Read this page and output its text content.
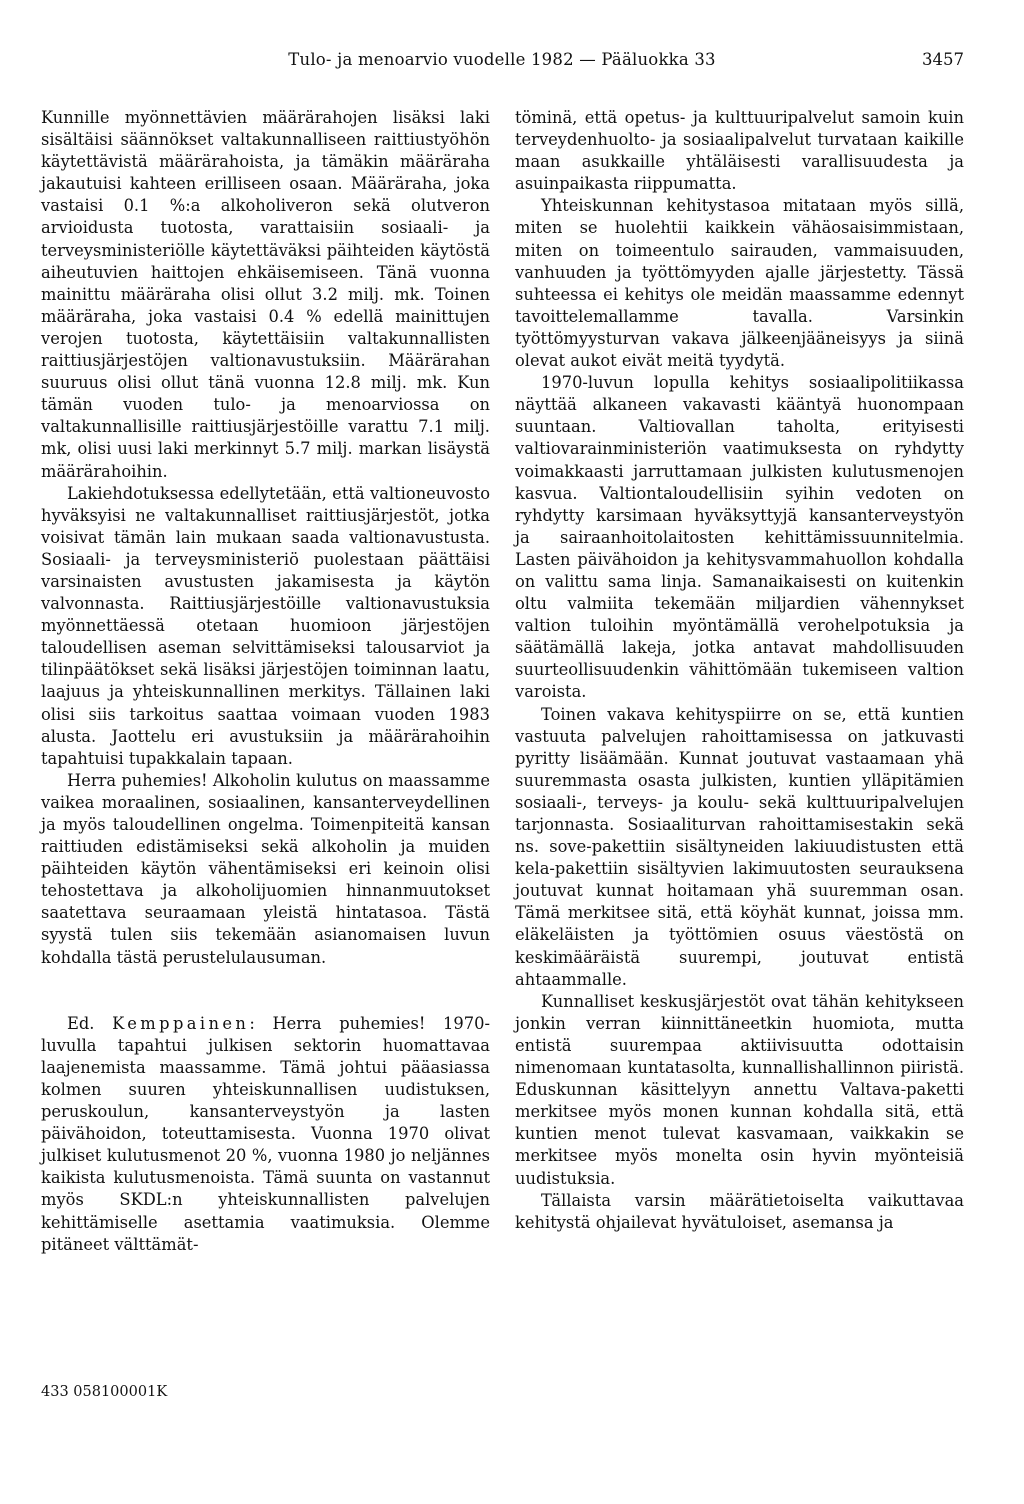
Tulo- ja menoarvio vuodelle 1982 — Pääluokka 33	3457

Kunnille myönnettävien määrärahojen lisäksi laki sisältäisi säännökset valtakunnalliseen raittiustyöhön käytettävistä määrärahoista, ja tämäkin määräraha jakautuisi kahteen erilliseen osaan. Määräraha, joka vastaisi 0.1 %:a alkoholiveron sekä olutveron arvioidusta tuotosta, varattaisiin sosiaali- ja terveysministeriölle käytettäväksi päihteiden käytöstä aiheutuvien haittojen ehkäisemiseen. Tänä vuonna mainittu määräraha olisi ollut 3.2 milj. mk. Toinen määräraha, joka vastaisi 0.4 % edellä mainittujen verojen tuotosta, käytettäisiin valtakunnallisten raittiusjärjestöjen valtionavustuksiin. Määrärahan suuruus olisi ollut tänä vuonna 12.8 milj. mk. Kun tämän vuoden tulo- ja menoarviossa on valtakunnallisille raittiusjärjestöille varattu 7.1 milj. mk, olisi uusi laki merkinnyt 5.7 milj. markan lisäystä määrärahoihin.

Lakiehdotuksessa edellytetään, että valtioneuvosto hyväksyisi ne valtakunnalliset raittiusjärjestöt, jotka voisivat tämän lain mukaan saada valtionavustusta. Sosiaali- ja terveysministeriö puolestaan päättäisi varsinaisten avustusten jakamisesta ja käytön valvonnasta. Raittiusjärjestöille valtionavustuksia myönnettäessä otetaan huomioon järjestöjen taloudellisen aseman selvittämiseksi talousarviot ja tilinpäätökset sekä lisäksi järjestöjen toiminnan laatu, laajuus ja yhteiskunnallinen merkitys. Tällainen laki olisi siis tarkoitus saattaa voimaan vuoden 1983 alusta. Jaottelu eri avustuksiin ja määrärahoihin tapahtuisi tupakkalain tapaan.

Herra puhemies! Alkoholin kulutus on maassamme vaikea moraalinen, sosiaalinen, kansanterveydellinen ja myös taloudellinen ongelma. Toimenpiteitä kansan raittiuden edistämiseksi sekä alkoholin ja muiden päihteiden käytön vähentämiseksi eri keinoin olisi tehostettava ja alkoholijuomien hinnanmuutokset saatettava seuraamaan yleistä hintatasoa. Tästä syystä tulen siis tekemään asianomaisen luvun kohdalla tästä perustelulausuman.

Ed. Kemppainen: Herra puhemies! 1970-luvulla tapahtui julkisen sektorin huomattavaa laajenemista maassamme. Tämä johtui pääasiassa kolmen suuren yhteiskunnallisen uudistuksen, peruskoulun, kansanterveystyön ja lasten päivähoidon, toteuttamisesta. Vuonna 1970 olivat julkiset kulutusmenot 20 %, vuonna 1980 jo neljännes kaikista kulutusmenoista. Tämä suunta on vastannut myös SKDL:n yhteiskunnallisten palvelujen kehittämiselle asettamia vaatimuksia. Olemme pitäneet välttämät-

töminä, että opetus- ja kulttuuripalvelut samoin kuin terveydenhuolto- ja sosiaalipalvelut turvataan kaikille maan asukkaille yhtäläisesti varallisuudesta ja asuinpaikasta riippumatta.

Yhteiskunnan kehitystasoa mitataan myös sillä, miten se huolehtii kaikkein vähäosaisimmistaan, miten on toimeentulo sairauden, vammaisuuden, vanhuuden ja työttömyyden ajalle järjestetty. Tässä suhteessa ei kehitys ole meidän maassamme edennyt tavoittelemallamme tavalla. Varsinkin työttömyysturvan vakava jälkeenjääneisyys ja siinä olevat aukot eivät meitä tyydytä.

1970-luvun lopulla kehitys sosiaalipolitiikassa näyttää alkaneen vakavasti kääntyä huonompaan suuntaan. Valtiovallan taholta, erityisesti valtiovarainministeriön vaatimuksesta on ryhdytty voimakkaasti jarruttamaan julkisten kulutusmenojen kasvua. Valtiontaloudellisiin syihin vedoten on ryhdytty karsimaan hyväksyttyjä kansanterveystyön ja sairaanhoitolaitosten kehittämissuunnitelmia. Lasten päivähoidon ja kehitysvammahuollon kohdalla on valittu sama linja. Samanaikaisesti on kuitenkin oltu valmiita tekemään miljardien vähennykset valtion tuloihin myöntämällä verohelpotuksia ja säätämällä lakeja, jotka antavat mahdollisuuden suurteollisuudenkin vähittömään tukemiseen valtion varoista.

Toinen vakava kehityspiirre on se, että kuntien vastuuta palvelujen rahoittamisessa on jatkuvasti pyritty lisäämään. Kunnat joutuvat vastaamaan yhä suuremmasta osasta julkisten, kuntien ylläpitämien sosiaali-, terveys- ja koulu- sekä kulttuuripalvelujen tarjonnasta. Sosiaaliturvan rahoittamisestakin sekä ns. sove-pakettiin sisältyneiden lakiuudistusten että kela-pakettiin sisältyvien lakimuutosten seurauksena joutuvat kunnat hoitamaan yhä suuremman osan. Tämä merkitsee sitä, että köyhät kunnat, joissa mm. eläkeläisten ja työttömien osuus väestöstä on keskimääräistä suurempi, joutuvat entistä ahtaammalle.

Kunnalliset keskusjärjestöt ovat tähän kehitykseen jonkin verran kiinnittäneetkin huomiota, mutta entistä suurempaa aktiivisuutta odottaisin nimenomaan kuntatasolta, kunnallishallinnon piiristä. Eduskunnan käsittelyyn annettu Valtava-paketti merkitsee myös monen kunnan kohdalla sitä, että kuntien menot tulevat kasvamaan, vaikkakin se merkitsee myös monelta osin hyvin myönteisiä uudistuksia.

Tällaista varsin määrätietoiselta vaikuttavaa kehitystä ohjailevat hyvätuloiset, asemansa ja

433 058100001K
